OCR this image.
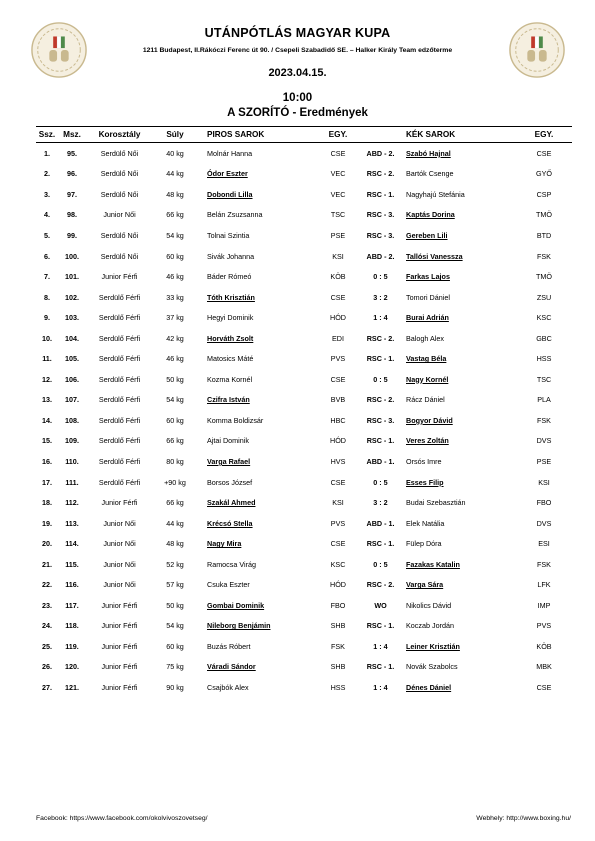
UTÁNPÓTLÁS MAGYAR KUPA
1211 Budapest, II.Rákóczi Ferenc út 90. / Csepeli Szabadidő SE. – Halker Király Team edzőterme
2023.04.15.
10:00
A SZORÍTÓ - Eredmények
Ssz.	Msz.	Korosztály	Súly	PIROS SAROK	EGY.		KÉK SAROK	EGY.
1.	95.	Serdülő Női	40 kg	Molnár Hanna	CSE	ABD - 2.	Szabó Hajnal	CSE
2.	96.	Serdülő Női	44 kg	Ódor Eszter	VEC	RSC - 2.	Bartók Csenge	GYŐ
3.	97.	Serdülő Női	48 kg	Dobondi Lilla	VEC	RSC - 1.	Nagyhajú Stefánia	CSP
4.	98.	Junior Női	66 kg	Belán Zsuzsanna	TSC	RSC - 3.	Kaptás Dorina	TMÖ
5.	99.	Serdülő Női	54 kg	Tolnai Szintia	PSE	RSC - 3.	Gereben Lili	BTD
6.	100.	Serdülő Női	60 kg	Sivák Johanna	KSI	ABD - 2.	Tallósi Vanessza	FSK
7.	101.	Junior Férfi	46 kg	Báder Rómeó	KÖB	0 : 5	Farkas Lajos	TMÖ
8.	102.	Serdülő Férfi	33 kg	Tóth Krisztián	CSE	3 : 2	Tomori Dániel	ZSU
9.	103.	Serdülő Férfi	37 kg	Hegyi Dominik	HÓD	1 : 4	Burai Adrián	KSC
10.	104.	Serdülő Férfi	42 kg	Horváth Zsolt	EDI	RSC - 2.	Balogh Alex	GBC
11.	105.	Serdülő Férfi	46 kg	Matosics Máté	PVS	RSC - 1.	Vastag Béla	HSS
12.	106.	Serdülő Férfi	50 kg	Kozma Kornél	CSE	0 : 5	Nagy Kornél	TSC
13.	107.	Serdülő Férfi	54 kg	Czifra István	BVB	RSC - 2.	Rácz Dániel	PLA
14.	108.	Serdülő Férfi	60 kg	Komma Boldizsár	HBC	RSC - 3.	Bogyor Dávid	FSK
15.	109.	Serdülő Férfi	66 kg	Ajtai Dominik	HÓD	RSC - 1.	Veres Zoltán	DVS
16.	110.	Serdülő Férfi	80 kg	Varga Rafael	HVS	ABD - 1.	Orsós Imre	PSE
17.	111.	Serdülő Férfi	+90 kg	Borsos József	CSE	0 : 5	Esses Filip	KSI
18.	112.	Junior Férfi	66 kg	Szakál Ahmed	KSI	3 : 2	Budai Szebasztián	FBO
19.	113.	Junior Női	44 kg	Krécsó Stella	PVS	ABD - 1.	Elek Natália	DVS
20.	114.	Junior Női	48 kg	Nagy Mira	CSE	RSC - 1.	Fülep Dóra	ESI
21.	115.	Junior Női	52 kg	Ramocsa Virág	KSC	0 : 5	Fazakas Katalin	FSK
22.	116.	Junior Női	57 kg	Csuka Eszter	HÓD	RSC - 2.	Varga Sára	LFK
23.	117.	Junior Férfi	50 kg	Gombai Dominik	FBO	WO	Nikolics Dávid	IMP
24.	118.	Junior Férfi	54 kg	Nileborg Benjámin	SHB	RSC - 1.	Koczab Jordán	PVS
25.	119.	Junior Férfi	60 kg	Buzás Róbert	FSK	1 : 4	Leiner Krisztián	KÖB
26.	120.	Junior Férfi	75 kg	Váradi Sándor	SHB	RSC - 1.	Novák Szabolcs	MBK
27.	121.	Junior Férfi	90 kg	Csajbók Alex	HSS	1 : 4	Dénes Dániel	CSE
Facebook: https://www.facebook.com/okolvivoszovetseg/	Webhely: http://www.boxing.hu/
